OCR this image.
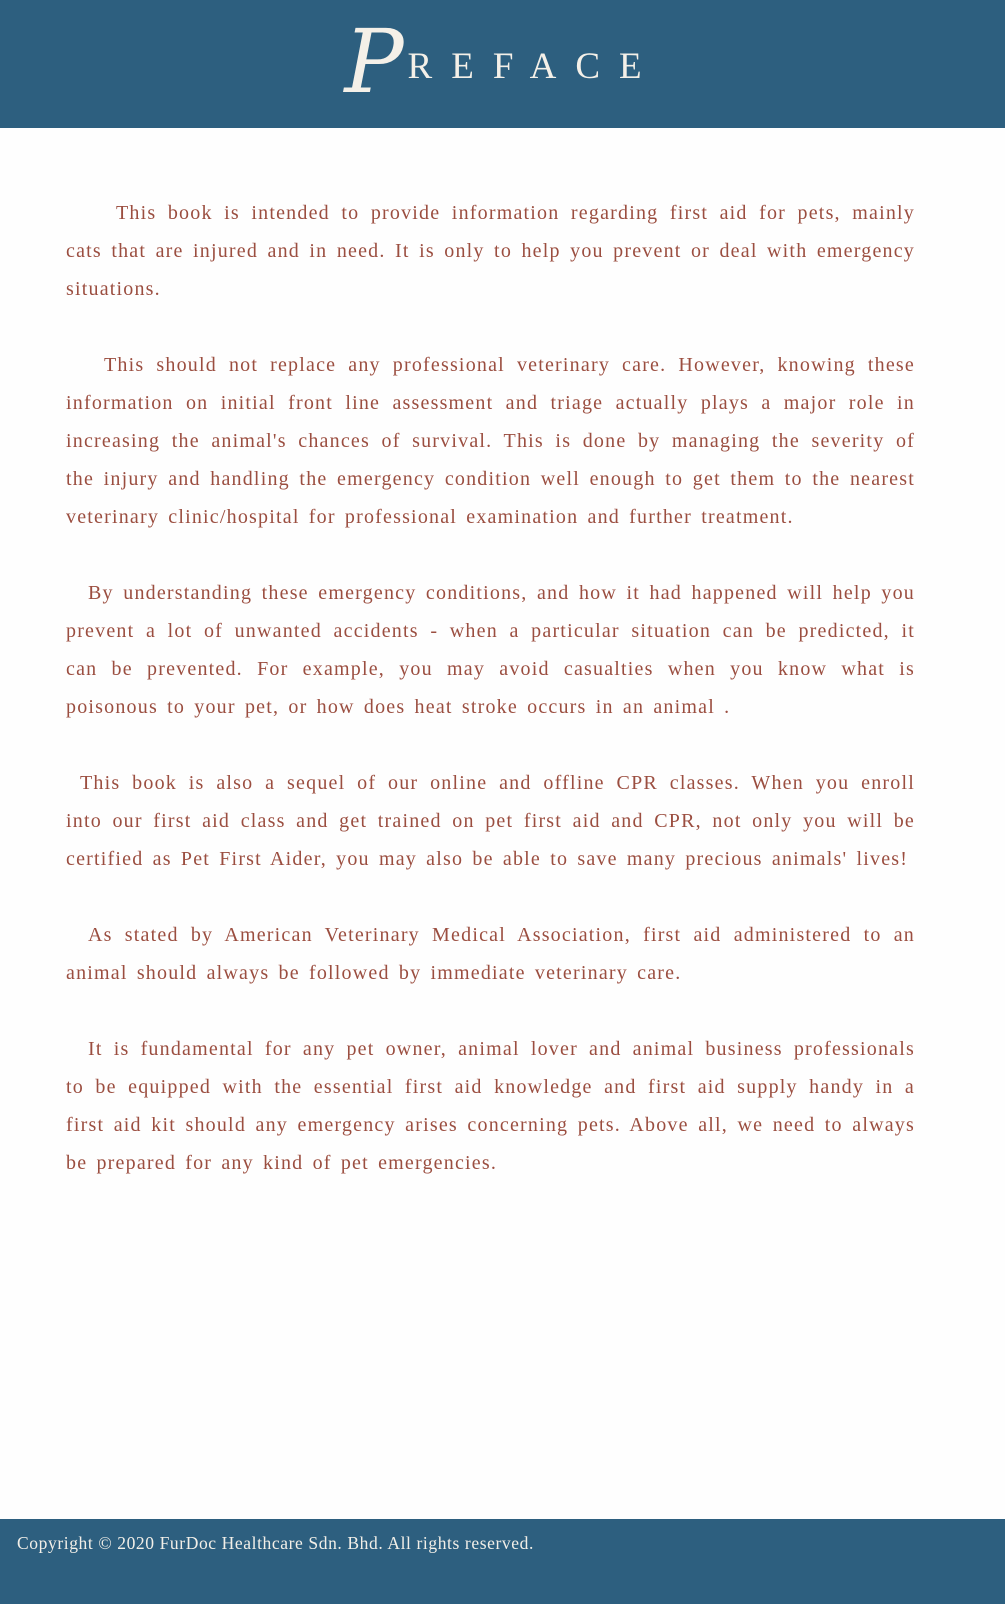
P REFACE

This book is intended to provide information regarding first aid for pets, mainly cats that are injured and in need. It is only to help you prevent or deal with emergency situations.

This should not replace any professional veterinary care. However, knowing these information on initial front line assessment and triage actually plays a major role in increasing the animal's chances of survival. This is done by managing the severity of the injury and handling the emergency condition well enough to get them to the nearest veterinary clinic/hospital for professional examination and further treatment.

By understanding these emergency conditions, and how it had happened will help you prevent a lot of unwanted accidents - when a particular situation can be predicted, it can be prevented. For example, you may avoid casualties when you know what is poisonous to your pet, or how does heat stroke occurs in an animal .

This book is also a sequel of our online and offline CPR classes. When you enroll into our first aid class and get trained on pet first aid and CPR, not only you will be certified as Pet First Aider, you may also be able to save many precious animals' lives!

As stated by American Veterinary Medical Association, first aid administered to an animal should always be followed by immediate veterinary care.

It is fundamental for any pet owner, animal lover and animal business professionals to be equipped with the essential first aid knowledge and first aid supply handy in a first aid kit should any emergency arises concerning pets. Above all, we need to always be prepared for any kind of pet emergencies.

Copyright © 2020 FurDoc Healthcare Sdn. Bhd. All rights reserved.
